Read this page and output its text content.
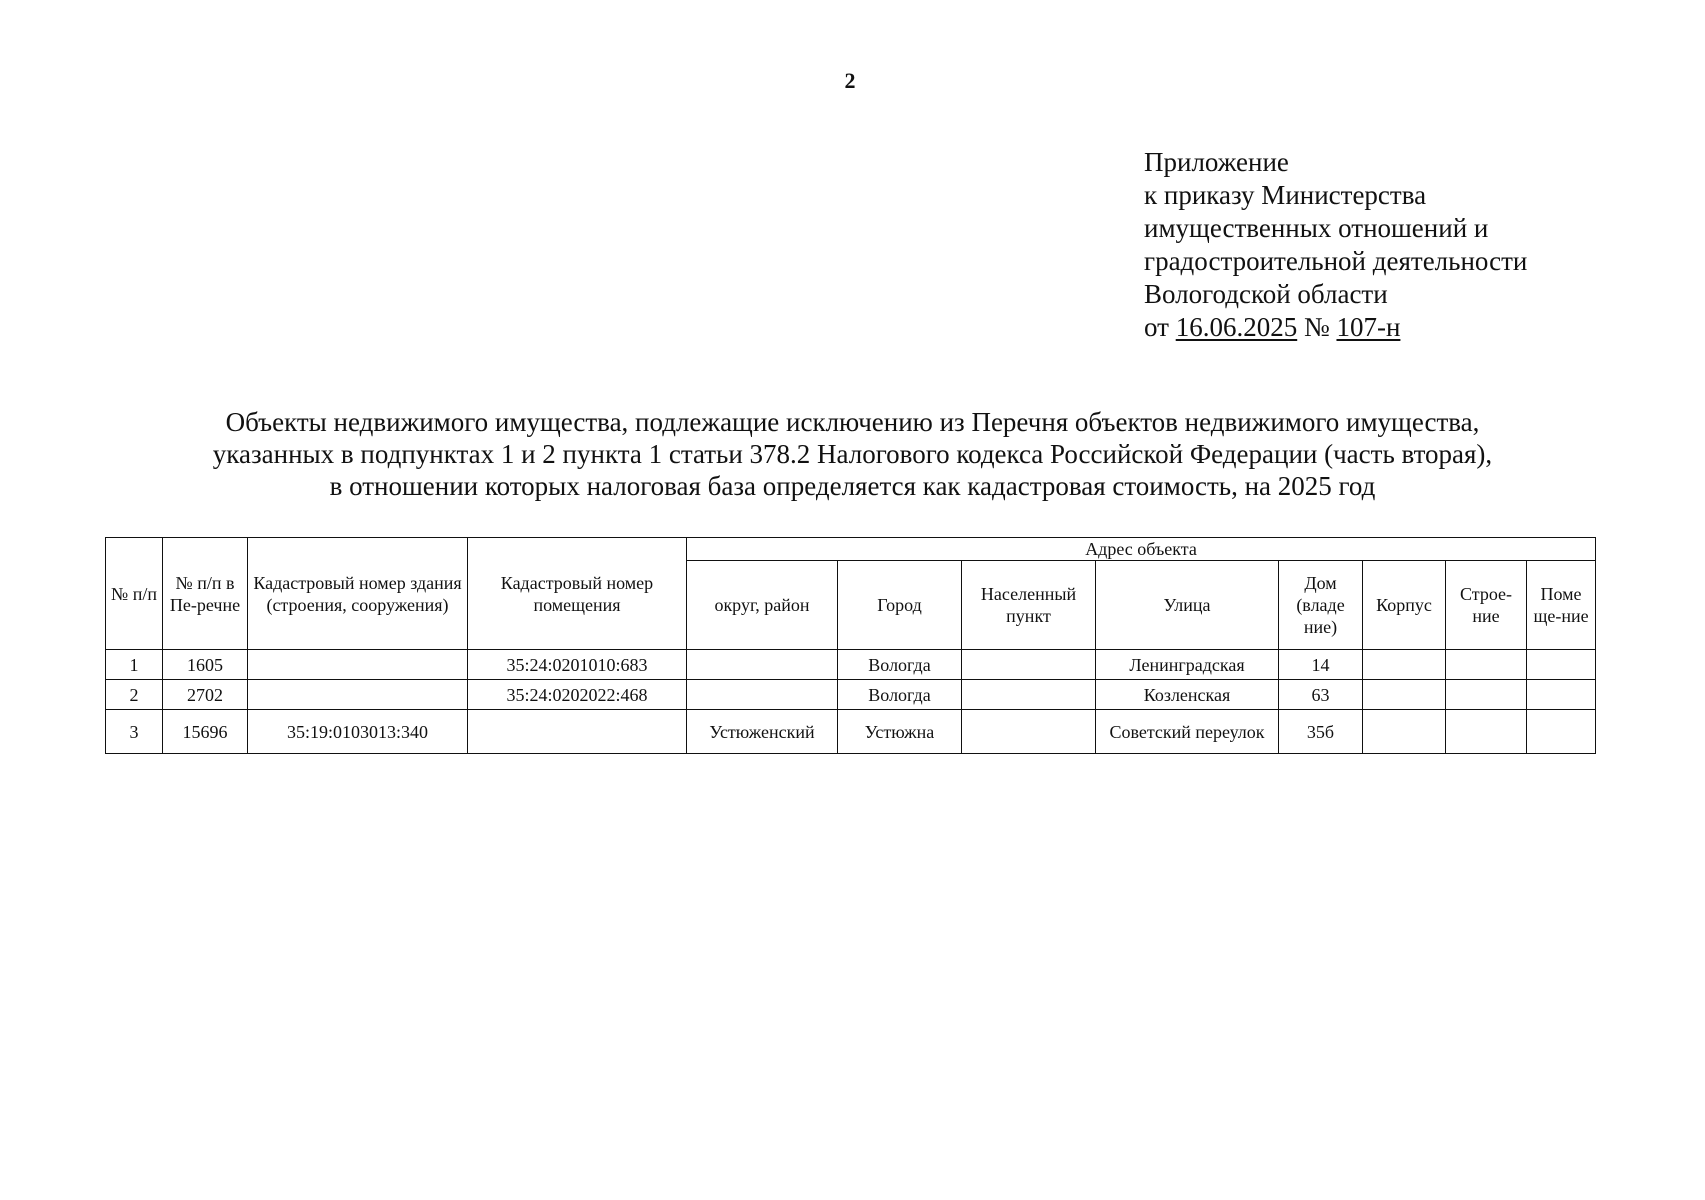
2
Приложение
к приказу Министерства
имущественных отношений и
градостроительной деятельности
Вологодской области
от 16.06.2025 № 107-н
Объекты недвижимого имущества, подлежащие исключению из Перечня объектов недвижимого имущества,
указанных в подпунктах 1 и 2 пункта 1 статьи 378.2 Налогового кодекса Российской Федерации (часть вторая),
в отношении которых налоговая база определяется как кадастровая стоимость, на 2025 год
№ п/п	№ п/п в Пе-речне	Кадастровый номер здания (строения, сооружения)	Кадастровый номер помещения	Адрес объекта							
				округ, район	Город	Населенный пункт	Улица	Дом (владе ние)	Корпус	Строе-ние	Поме ще-ние
1	1605		35:24:0201010:683		Вологда		Ленинградская	14			
2	2702		35:24:0202022:468		Вологда		Козленская	63			
3	15696	35:19:0103013:340		Устюженский	Устюжна		Советский переулок	35б			
